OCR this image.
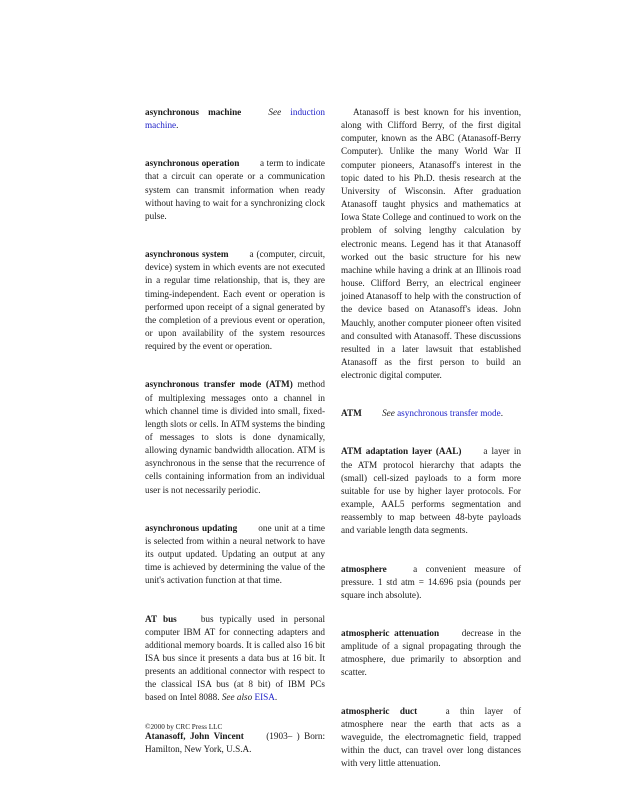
asynchronous machine	See induction machine.
asynchronous operation a term to indicate that a circuit can operate or a communication system can transmit information when ready without having to wait for a synchronizing clock pulse.
asynchronous system a (computer, circuit, device) system in which events are not executed in a regular time relationship, that is, they are timing-independent. Each event or operation is performed upon receipt of a signal generated by the completion of a previous event or operation, or upon availability of the system resources required by the event or operation.
asynchronous transfer mode (ATM) method of multiplexing messages onto a channel in which channel time is divided into small, fixed-length slots or cells. In ATM systems the binding of messages to slots is done dynamically, allowing dynamic bandwidth allocation. ATM is asynchronous in the sense that the recurrence of cells containing information from an individual user is not necessarily periodic.
asynchronous updating one unit at a time is selected from within a neural network to have its output updated. Updating an output at any time is achieved by determining the value of the unit's activation function at that time.
AT bus	bus typically used in personal computer IBM AT for connecting adapters and additional memory boards. It is called also 16 bit ISA bus since it presents a data bus at 16 bit. It presents an additional connector with respect to the classical ISA bus (at 8 bit) of IBM PCs based on Intel 8088. See also EISA.
Atanasoff, John Vincent (1903– ) Born: Hamilton, New York, U.S.A.
Atanasoff is best known for his invention, along with Clifford Berry, of the first digital computer, known as the ABC (Atanasoff-Berry Computer). Unlike the many World War II computer pioneers, Atanasoff's interest in the topic dated to his Ph.D. thesis research at the University of Wisconsin. After graduation Atanasoff taught physics and mathematics at Iowa State College and continued to work on the problem of solving lengthy calculation by electronic means. Legend has it that Atanasoff worked out the basic structure for his new machine while having a drink at an Illinois road house. Clifford Berry, an electrical engineer joined Atanasoff to help with the construction of the device based on Atanasoff's ideas. John Mauchly, another computer pioneer often visited and consulted with Atanasoff. These discussions resulted in a later lawsuit that established Atanasoff as the first person to build an electronic digital computer.
ATM See asynchronous transfer mode.
ATM adaptation layer (AAL) a layer in the ATM protocol hierarchy that adapts the (small) cell-sized payloads to a form more suitable for use by higher layer protocols. For example, AAL5 performs segmentation and reassembly to map between 48-byte payloads and variable length data segments.
atmosphere	a convenient measure of pressure. 1 std atm = 14.696 psia (pounds per square inch absolute).
atmospheric attenuation decrease in the amplitude of a signal propagating through the atmosphere, due primarily to absorption and scatter.
atmospheric duct	a thin layer of atmosphere near the earth that acts as a waveguide, the electromagnetic field, trapped within the duct, can travel over long distances with very little attenuation.
©2000 by CRC Press LLC
